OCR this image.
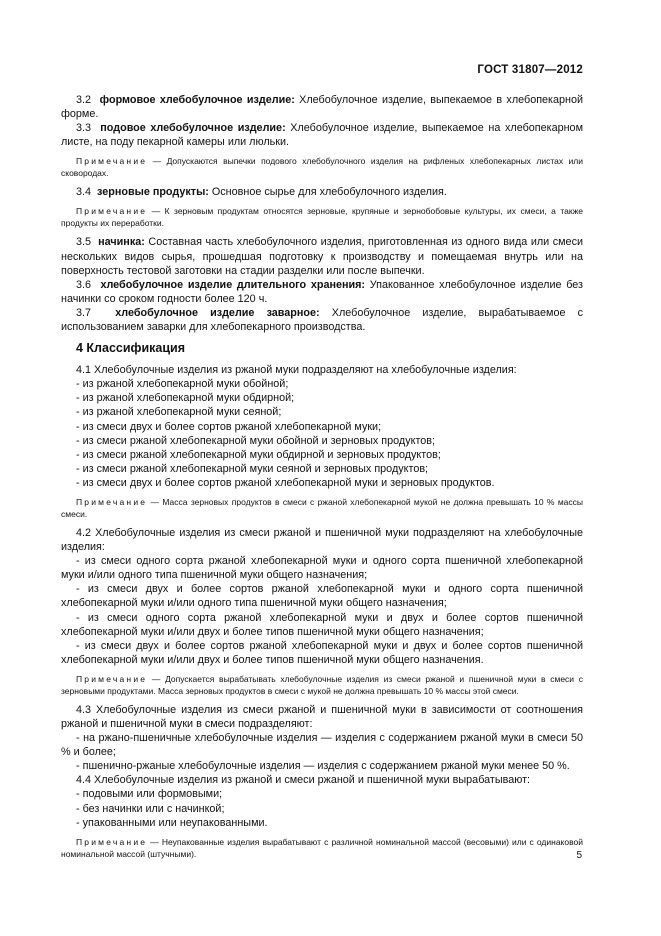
ГОСТ 31807—2012

3.2 формовое хлебобулочное изделие: Хлебобулочное изделие, выпекаемое в хлебопекарной форме.

3.3 подовое хлебобулочное изделие: Хлебобулочное изделие, выпекаемое на хлебопекарном листе, на поду пекарной камеры или люльки.

Примечание — Допускаются выпечки подового хлебобулочного изделия на рифленых хлебопекарных листах или сковородах.

3.4 зерновые продукты: Основное сырье для хлебобулочного изделия.

Примечание — К зерновым продуктам относятся зерновые, крупяные и зернобобовые культуры, их смеси, а также продукты их переработки.

3.5 начинка: Составная часть хлебобулочного изделия, приготовленная из одного вида или смеси нескольких видов сырья, прошедшая подготовку к производству и помещаемая внутрь или на поверхность тестовой заготовки на стадии разделки или после выпечки.

3.6 хлебобулочное изделие длительного хранения: Упакованное хлебобулочное изделие без начинки со сроком годности более 120 ч.

3.7 хлебобулочное изделие заварное: Хлебобулочное изделие, вырабатываемое с использованием заварки для хлебопекарного производства.

4 Классификация

4.1 Хлебобулочные изделия из ржаной муки подразделяют на хлебобулочные изделия:

- из ржаной хлебопекарной муки обойной;

- из ржаной хлебопекарной муки обдирной;

- из ржаной хлебопекарной муки сеяной;

- из смеси двух и более сортов ржаной хлебопекарной муки;

- из смеси ржаной хлебопекарной муки обойной и зерновых продуктов;

- из смеси ржаной хлебопекарной муки обдирной и зерновых продуктов;

- из смеси ржаной хлебопекарной муки сеяной и зерновых продуктов;

- из смеси двух и более сортов ржаной хлебопекарной муки и зерновых продуктов.

Примечание — Масса зерновых продуктов в смеси с ржаной хлебопекарной мукой не должна превышать 10 % массы смеси.

4.2 Хлебобулочные изделия из смеси ржаной и пшеничной муки подразделяют на хлебобулочные изделия:

- из смеси одного сорта ржаной хлебопекарной муки и одного сорта пшеничной хлебопекарной муки и/или одного типа пшеничной муки общего назначения;

- из смеси двух и более сортов ржаной хлебопекарной муки и одного сорта пшеничной хлебопекарной муки и/или одного типа пшеничной муки общего назначения;

- из смеси одного сорта ржаной хлебопекарной муки и двух и более сортов пшеничной хлебопекарной муки и/или двух и более типов пшеничной муки общего назначения;

- из смеси двух и более сортов ржаной хлебопекарной муки и двух и более сортов пшеничной хлебопекарной муки и/или двух и более типов пшеничной муки общего назначения.

Примечание — Допускается вырабатывать хлебобулочные изделия из смеси ржаной и пшеничной муки в смеси с зерновыми продуктами. Масса зерновых продуктов в смеси с мукой не должна превышать 10 % массы этой смеси.

4.3 Хлебобулочные изделия из смеси ржаной и пшеничной муки в зависимости от соотношения ржаной и пшеничной муки в смеси подразделяют:

- на ржано-пшеничные хлебобулочные изделия — изделия с содержанием ржаной муки в смеси 50 % и более;

- пшенично-ржаные хлебобулочные изделия — изделия с содержанием ржаной муки менее 50 %.

4.4 Хлебобулочные изделия из ржаной и смеси ржаной и пшеничной муки вырабатывают:

- подовыми или формовыми;

- без начинки или с начинкой;

- упакованными или неупакованными.

Примечание — Неупакованные изделия вырабатывают с различной номинальной массой (весовыми) или с одинаковой номинальной массой (штучными).	5
